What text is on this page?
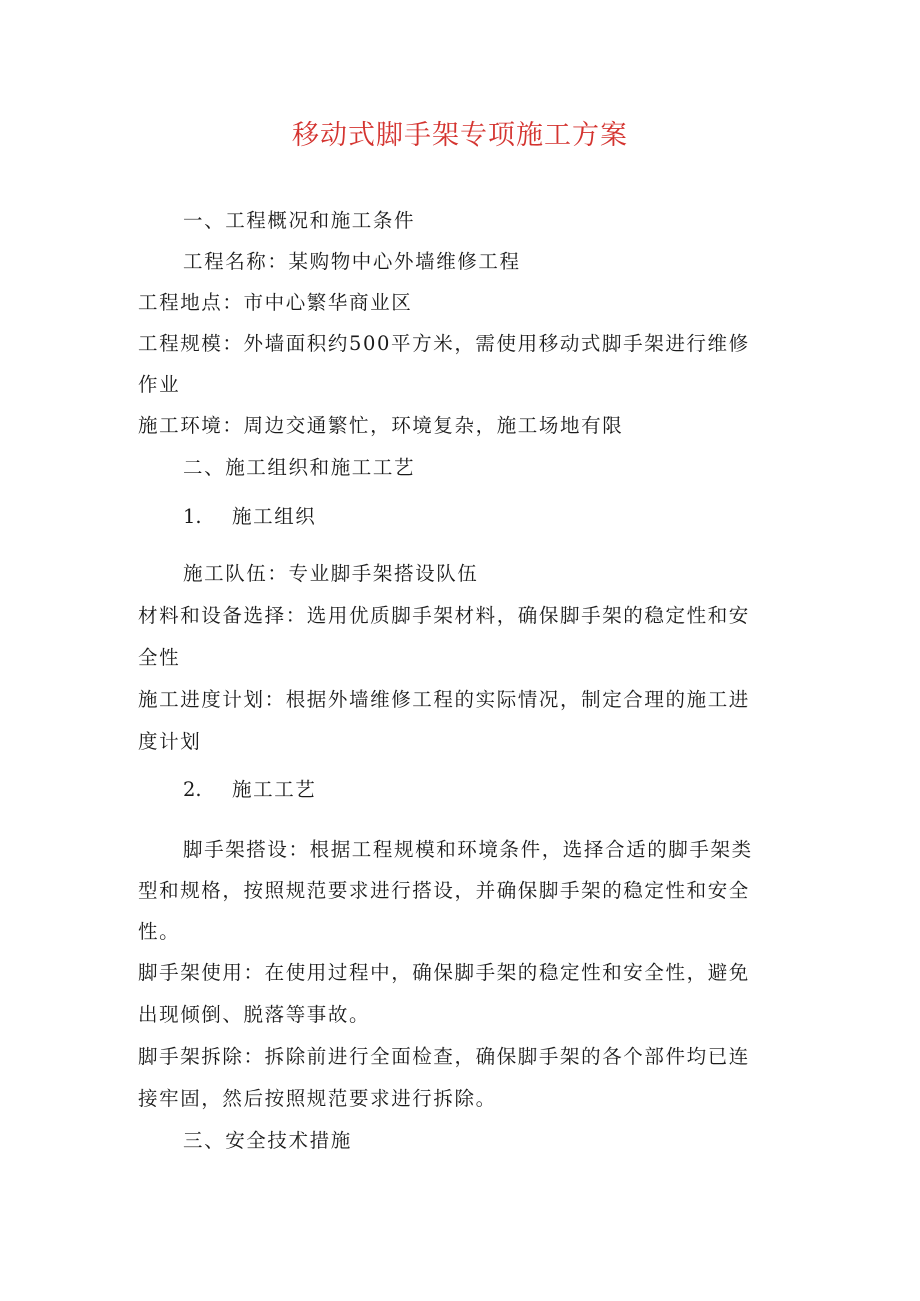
移动式脚手架专项施工方案
一、工程概况和施工条件
工程名称：某购物中心外墙维修工程
工程地点：市中心繁华商业区
工程规模：外墙面积约500平方米，需使用移动式脚手架进行维修
作业
施工环境：周边交通繁忙，环境复杂，施工场地有限
二、施工组织和施工工艺
1. 施工组织
施工队伍：专业脚手架搭设队伍
材料和设备选择：选用优质脚手架材料，确保脚手架的稳定性和安
全性
施工进度计划：根据外墙维修工程的实际情况，制定合理的施工进
度计划
2. 施工工艺
脚手架搭设：根据工程规模和环境条件，选择合适的脚手架类
型和规格，按照规范要求进行搭设，并确保脚手架的稳定性和安全
性。
脚手架使用：在使用过程中，确保脚手架的稳定性和安全性，避免
出现倾倒、脱落等事故。
脚手架拆除：拆除前进行全面检查，确保脚手架的各个部件均已连
接牢固，然后按照规范要求进行拆除。
三、安全技术措施
